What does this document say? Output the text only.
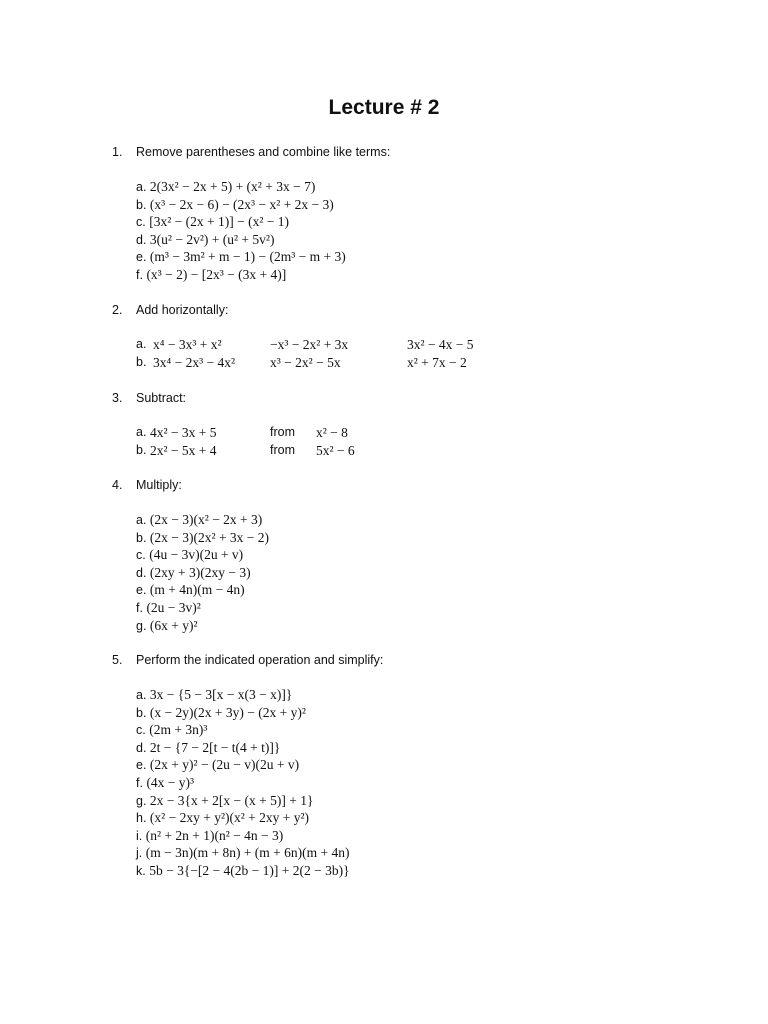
Lecture # 2
1. Remove parentheses and combine like terms:
a. 2(3x² − 2x + 5) + (x² + 3x − 7)
b. (x³ − 2x − 6) − (2x³ − x² + 2x − 3)
c. [3x² − (2x + 1)] − (x² − 1)
d. 3(u² − 2v²) + (u² + 5v²)
e. (m³ − 3m² + m − 1) − (2m³ − m + 3)
f. (x³ − 2) − [2x³ − (3x + 4)]
2. Add horizontally:
a. x⁴ − 3x³ + x²	−x³ − 2x² + 3x	3x² − 4x − 5
b. 3x⁴ − 2x³ − 4x²	x³ − 2x² − 5x	x² + 7x − 2
3. Subtract:
a. 4x² − 3x + 5	from x² − 8
b. 2x² − 5x + 4	from 5x² − 6
4. Multiply:
a. (2x − 3)(x² − 2x + 3)
b. (2x − 3)(2x² + 3x − 2)
c. (4u − 3v)(2u + v)
d. (2xy + 3)(2xy − 3)
e. (m + 4n)(m − 4n)
f. (2u − 3v)²
g. (6x + y)²
5. Perform the indicated operation and simplify:
a. 3x − {5 − 3[x − x(3 − x)]}
b. (x − 2y)(2x + 3y) − (2x + y)²
c. (2m + 3n)³
d. 2t − {7 − 2[t − t(4 + t)]}
e. (2x + y)² − (2u − v)(2u + v)
f. (4x − y)³
g. 2x − 3{x + 2[x − (x + 5)] + 1}
h. (x² − 2xy + y²)(x² + 2xy + y²)
i. (n² + 2n + 1)(n² − 4n − 3)
j. (m − 3n)(m + 8n) + (m + 6n)(m + 4n)
k. 5b − 3{−[2 − 4(2b − 1)] + 2(2 − 3b)}
